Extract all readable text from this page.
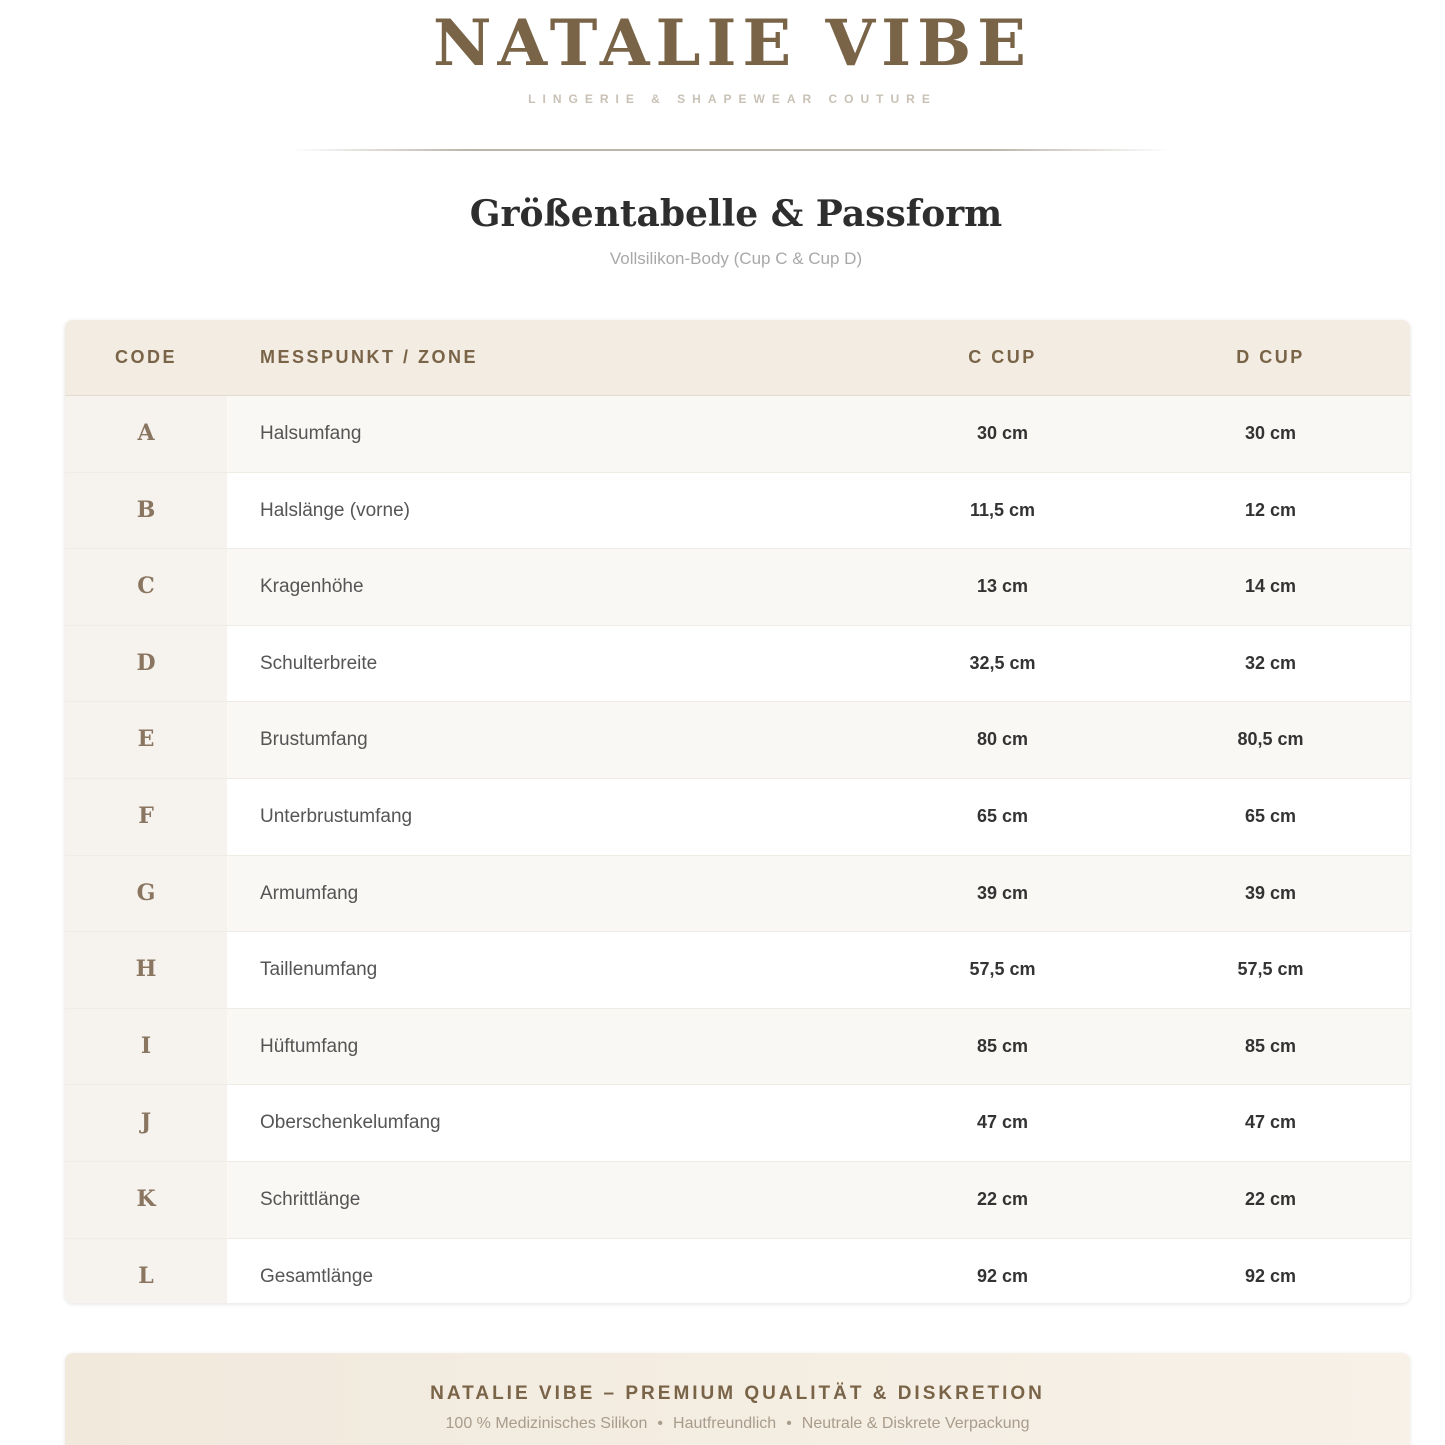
NATALIE VIBE
LINGERIE & SHAPEWEAR COUTURE
Größentabelle & Passform
Vollsilikon-Body (Cup C & Cup D)
CODE	MESSPUNKT / ZONE	C CUP	D CUP
A	Halsumfang	30 cm	30 cm
B	Halslänge (vorne)	11,5 cm	12 cm
C	Kragenhöhe	13 cm	14 cm
D	Schulterbreite	32,5 cm	32 cm
E	Brustumfang	80 cm	80,5 cm
F	Unterbrustumfang	65 cm	65 cm
G	Armumfang	39 cm	39 cm
H	Taillenumfang	57,5 cm	57,5 cm
I	Hüftumfang	85 cm	85 cm
J	Oberschenkelumfang	47 cm	47 cm
K	Schrittlänge	22 cm	22 cm
L	Gesamtlänge	92 cm	92 cm
NATALIE VIBE – PREMIUM QUALITÄT & DISKRETION
100 % Medizinisches Silikon • Hautfreundlich • Neutrale & Diskrete Verpackung
